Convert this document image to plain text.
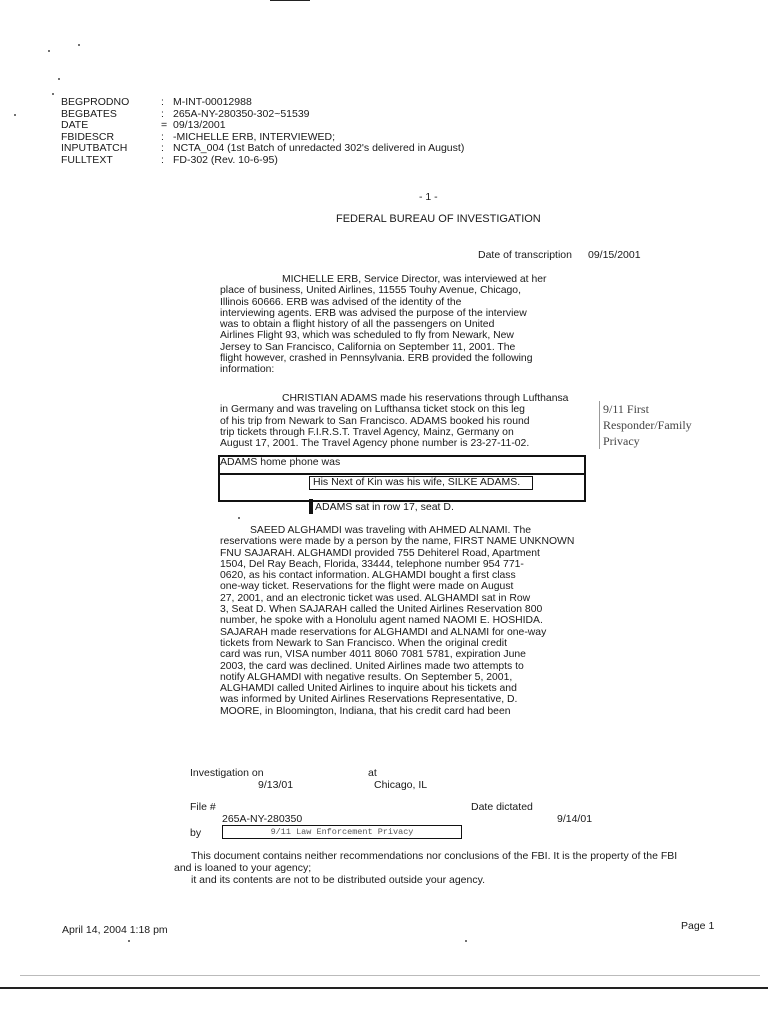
BEGPRODNO	: M-INT-00012988
BEGBATES	: 265A-NY-280350-302~51539
DATE	= 09/13/2001
FBIDESCR	: -MICHELLE ERB, INTERVIEWED;
INPUTBATCH	: NCTA_004 (1st Batch of unredacted 302's delivered in August)
FULLTEXT	: FD-302 (Rev. 10-6-95)
- 1 -
FEDERAL BUREAU OF INVESTIGATION
Date of transcription 09/15/2001
MICHELLE ERB, Service Director, was interviewed at her
place of business, United Airlines, 11555 Touhy Avenue, Chicago,
Illinois 60666. ERB was advised of the identity of the
interviewing agents. ERB was advised the purpose of the interview
was to obtain a flight history of all the passengers on United
Airlines Flight 93, which was scheduled to fly from Newark, New
Jersey to San Francisco, California on September 11, 2001. The
flight however, crashed in Pennsylvania. ERB provided the following
information:
CHRISTIAN ADAMS made his reservations through Lufthansa
in Germany and was traveling on Lufthansa ticket stock on this leg
of his trip from Newark to San Francisco. ADAMS booked his round
trip tickets through F.I.R.S.T. Travel Agency, Mainz, Germany on
August 17, 2001. The Travel Agency phone number is 23-27-11-02.
ADAMS home phone was
His Next of Kin was his wife, SILKE ADAMS.
ADAMS sat in row 17, seat D.
9/11 First
Responder/Family
Privacy
SAEED ALGHAMDI was traveling with AHMED ALNAMI. The
reservations were made by a person by the name, FIRST NAME UNKNOWN
FNU SAJARAH. ALGHAMDI provided 755 Dehiterel Road, Apartment
1504, Del Ray Beach, Florida, 33444, telephone number 954 771-
0620, as his contact information. ALGHAMDI bought a first class
one-way ticket. Reservations for the flight were made on August
27, 2001, and an electronic ticket was used. ALGHAMDI sat in Row
3, Seat D. When SAJARAH called the United Airlines Reservation 800
number, he spoke with a Honolulu agent named NAOMI E. HOSHIDA.
SAJARAH made reservations for ALGHAMDI and ALNAMI for one-way
tickets from Newark to San Francisco. When the original credit
card was run, VISA number 4011 8060 7081 5781, expiration June
2003, the card was declined. United Airlines made two attempts to
notify ALGHAMDI with negative results. On September 5, 2001,
ALGHAMDI called United Airlines to inquire about his tickets and
was informed by United Airlines Reservations Representative, D.
MOORE, in Bloomington, Indiana, that his credit card had been
Investigation on
9/13/01
at
Chicago, IL
File #
265A-NY-280350
Date dictated
9/14/01
by	9/11 Law Enforcement Privacy
This document contains neither recommendations nor conclusions of the FBI. It is the property of the FBI
and is loaned to your agency;
it and its contents are not to be distributed outside your agency.
April 14, 2004 1:18 pm	Page 1
